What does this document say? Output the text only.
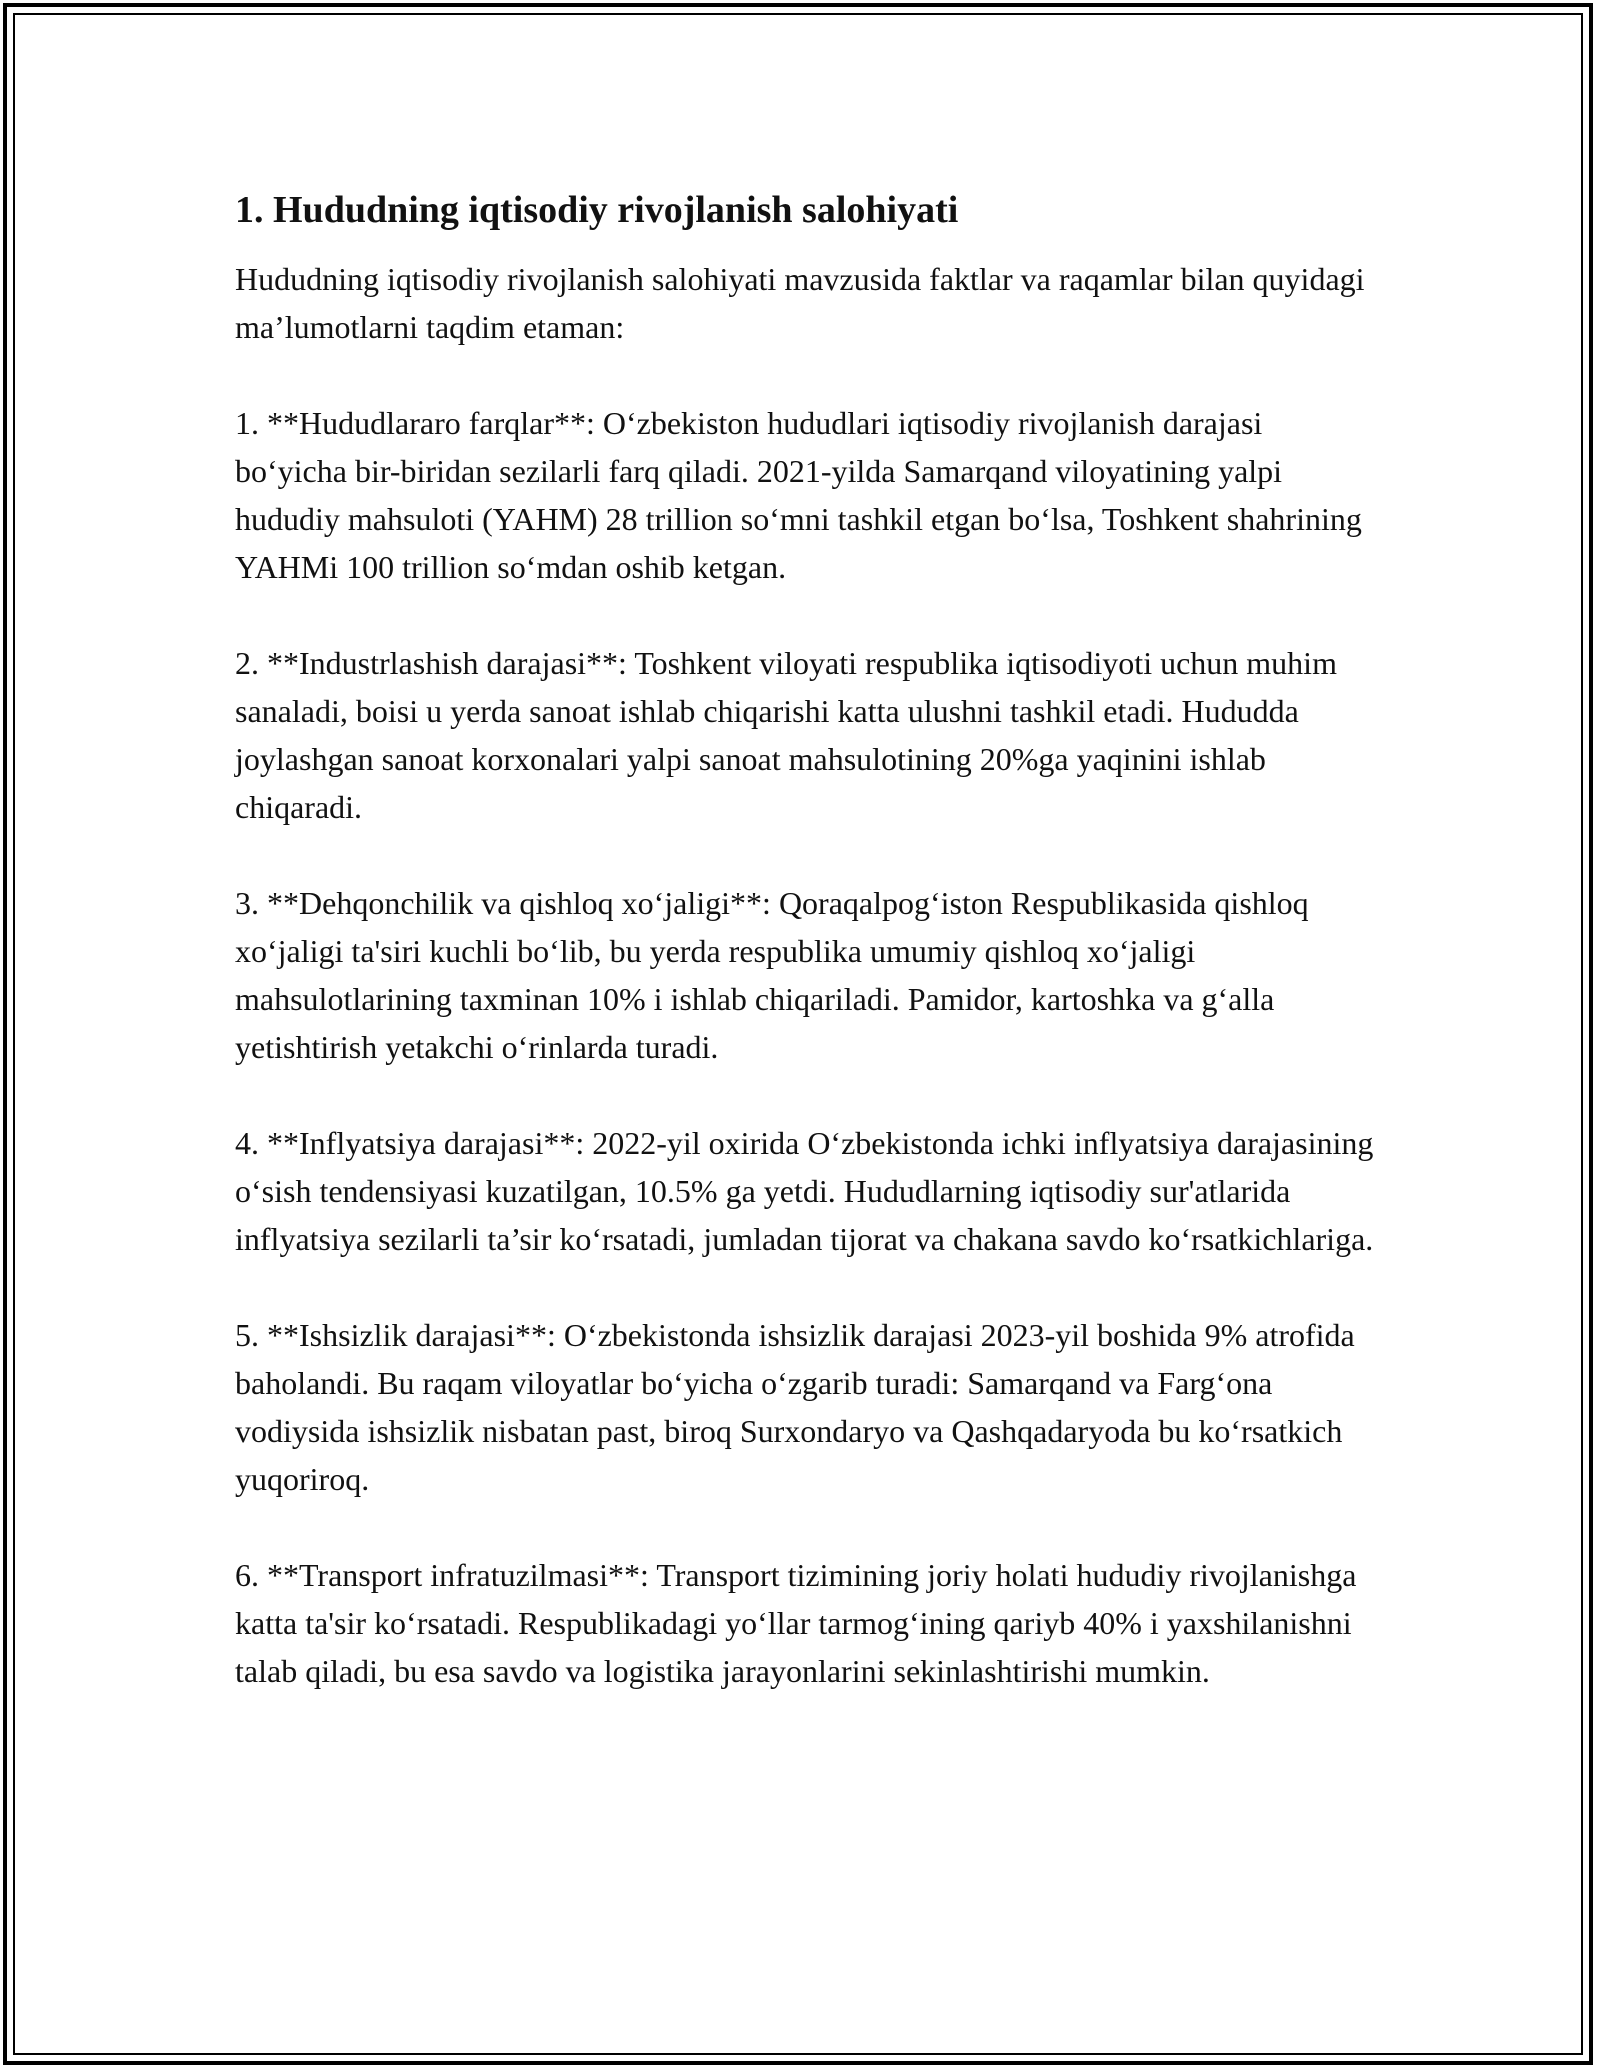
1. Hududning iqtisodiy rivojlanish salohiyati

Hududning iqtisodiy rivojlanish salohiyati mavzusida faktlar va raqamlar bilan quyidagi ma’lumotlarni taqdim etaman:

1. **Hududlararo farqlar**: O‘zbekiston hududlari iqtisodiy rivojlanish darajasi bo‘yicha bir-biridan sezilarli farq qiladi. 2021-yilda Samarqand viloyatining yalpi hududiy mahsuloti (YAHM) 28 trillion so‘mni tashkil etgan bo‘lsa, Toshkent shahrining YAHMi 100 trillion so‘mdan oshib ketgan.

2. **Industrlashish darajasi**: Toshkent viloyati respublika iqtisodiyoti uchun muhim sanaladi, boisi u yerda sanoat ishlab chiqarishi katta ulushni tashkil etadi. Hududda joylashgan sanoat korxonalari yalpi sanoat mahsulotining 20%ga yaqinini ishlab chiqaradi.

3. **Dehqonchilik va qishloq xo‘jaligi**: Qoraqalpog‘iston Respublikasida qishloq xo‘jaligi ta'siri kuchli bo‘lib, bu yerda respublika umumiy qishloq xo‘jaligi mahsulotlarining taxminan 10% i ishlab chiqariladi. Pamidor, kartoshka va g‘alla yetishtirish yetakchi o‘rinlarda turadi.

4. **Inflyatsiya darajasi**: 2022-yil oxirida O‘zbekistonda ichki inflyatsiya darajasining o‘sish tendensiyasi kuzatilgan, 10.5% ga yetdi. Hududlarning iqtisodiy sur'atlarida inflyatsiya sezilarli ta’sir ko‘rsatadi, jumladan tijorat va chakana savdo ko‘rsatkichlariga.

5. **Ishsizlik darajasi**: O‘zbekistonda ishsizlik darajasi 2023-yil boshida 9% atrofida baholandi. Bu raqam viloyatlar bo‘yicha o‘zgarib turadi: Samarqand va Farg‘ona vodiysida ishsizlik nisbatan past, biroq Surxondaryo va Qashqadaryoda bu ko‘rsatkich yuqoriroq.

6. **Transport infratuzilmasi**: Transport tizimining joriy holati hududiy rivojlanishga katta ta'sir ko‘rsatadi. Respublikadagi yo‘llar tarmog‘ining qariyb 40% i yaxshilanishni talab qiladi, bu esa savdo va logistika jarayonlarini sekinlashtirishi mumkin.
